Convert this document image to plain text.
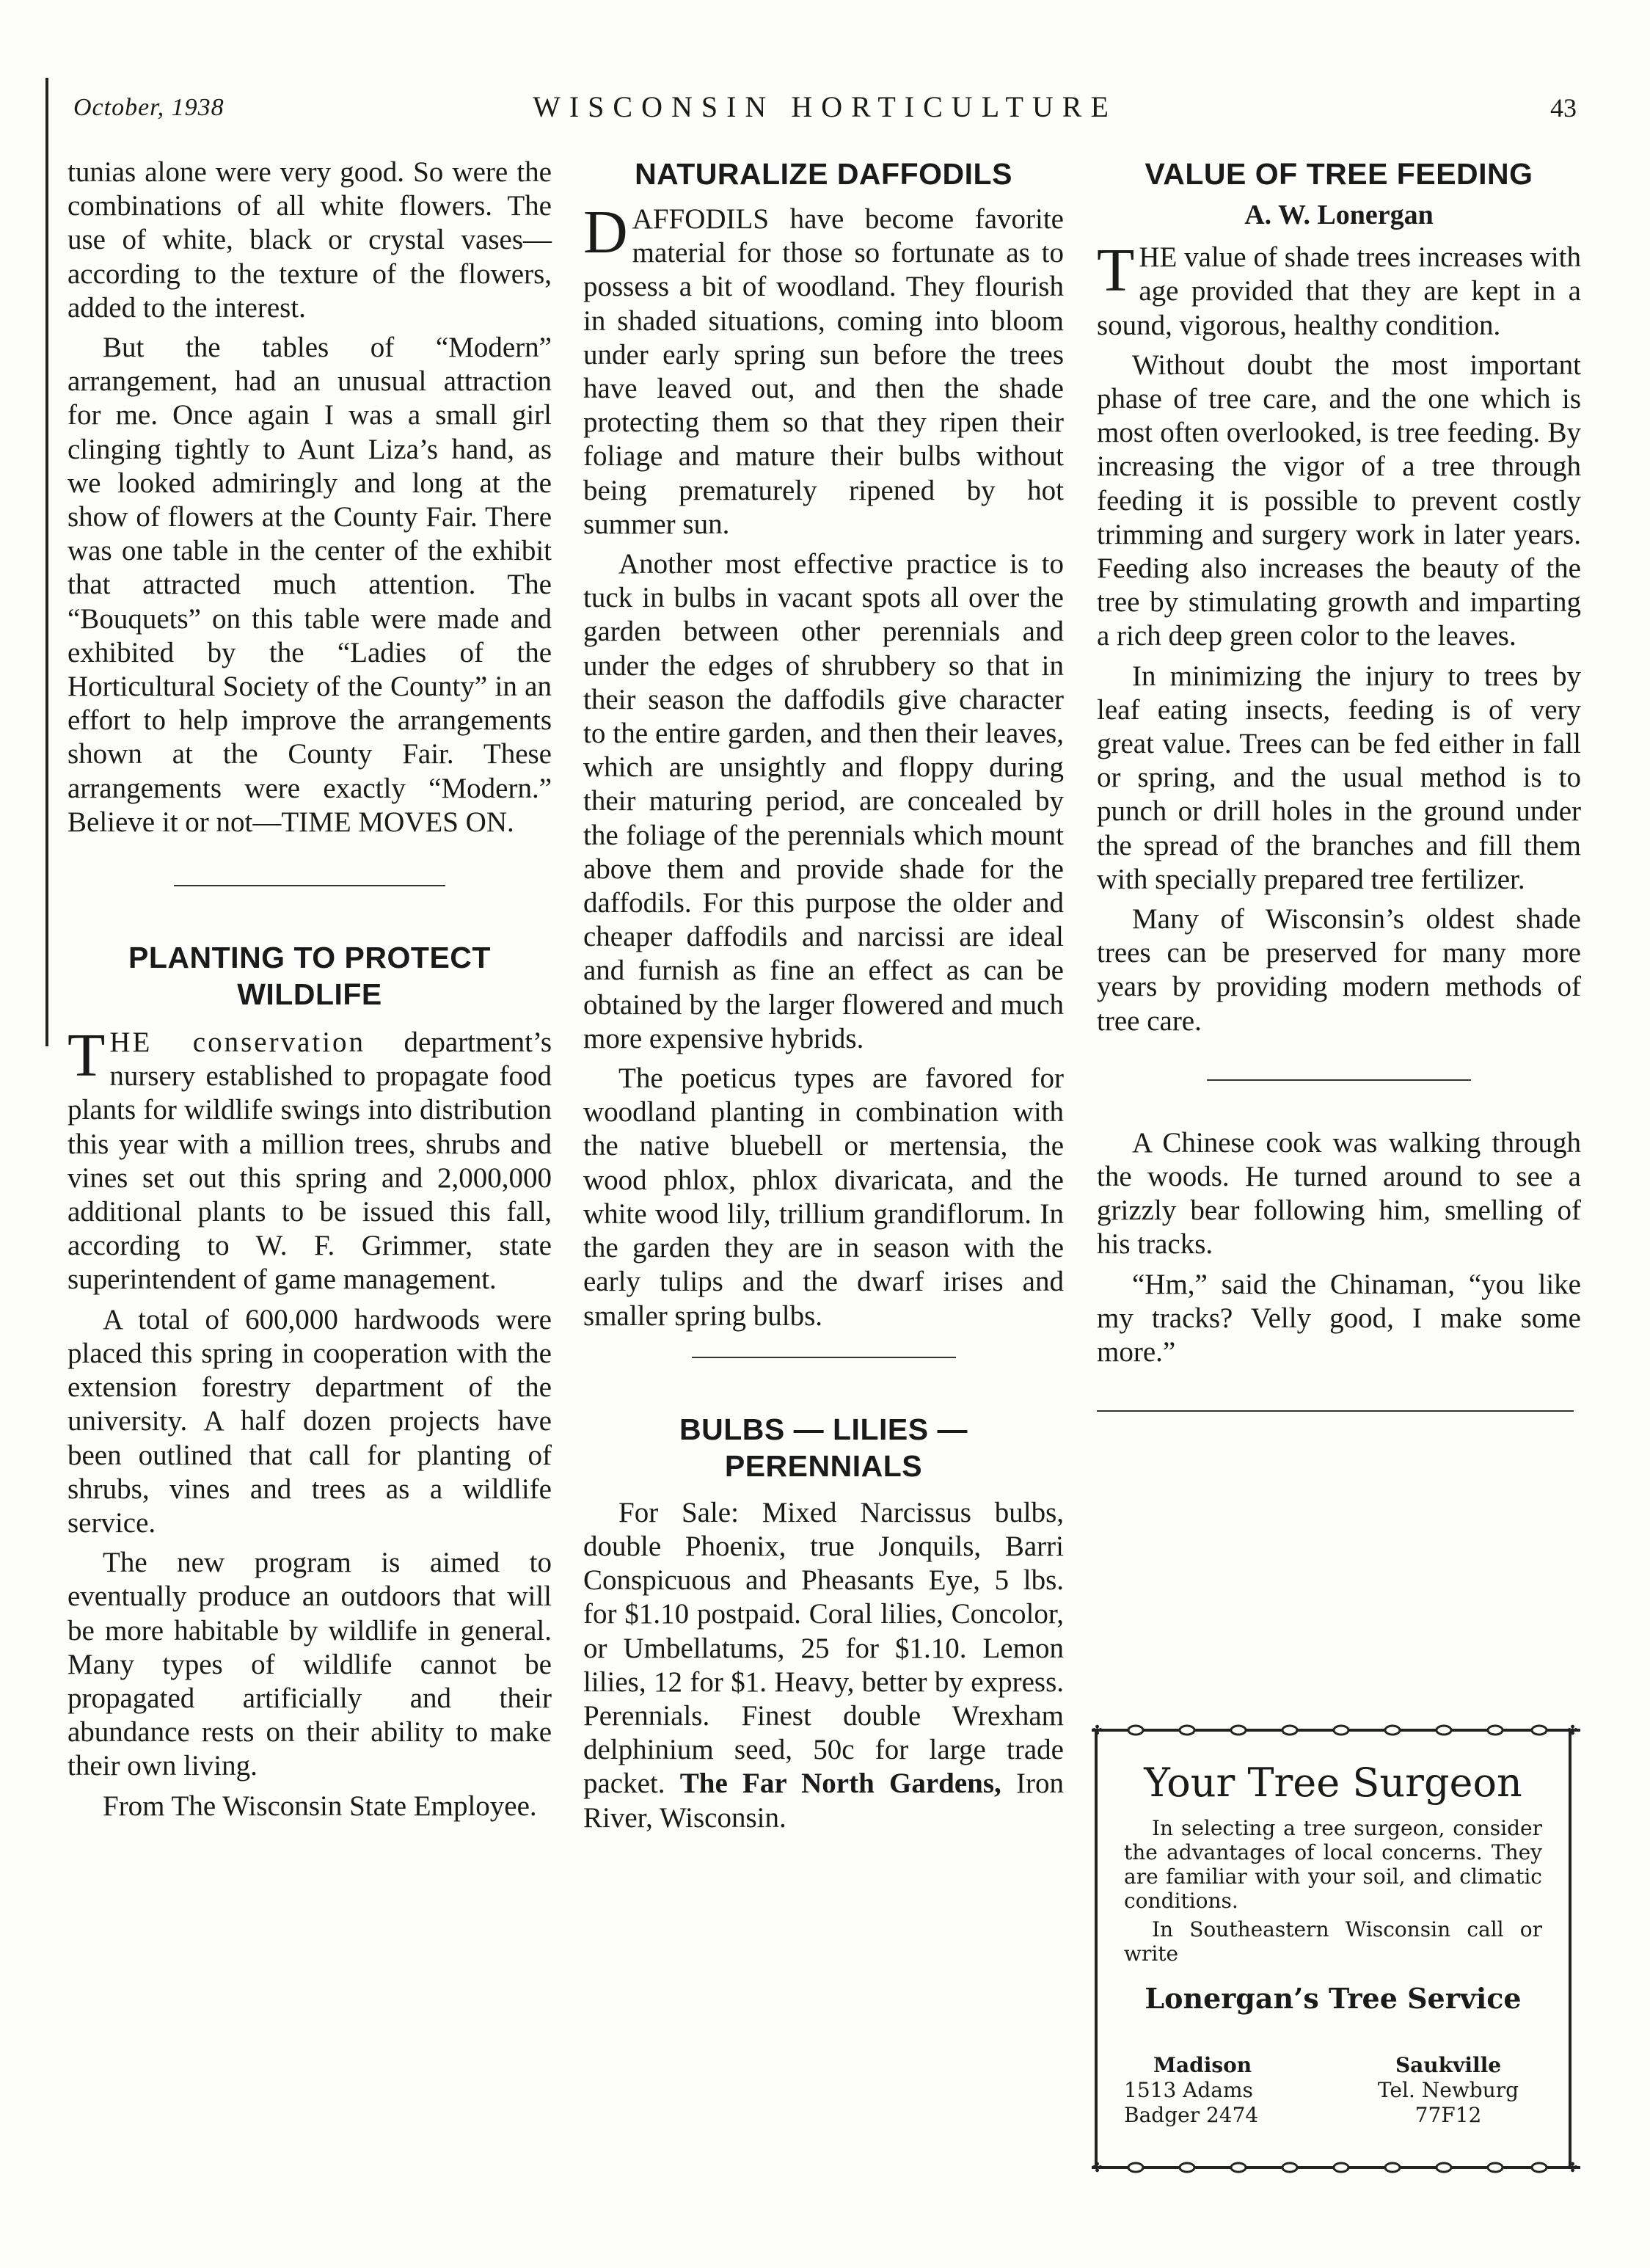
October, 1938	WISCONSIN HORTICULTURE	43

tunias alone were very good. So were the combinations of all white flowers. The use of white, black or crystal vases—according to the texture of the flowers, added to the interest.

But the tables of “Modern” arrangement, had an unusual attraction for me. Once again I was a small girl clinging tightly to Aunt Liza’s hand, as we looked admiringly and long at the show of flowers at the County Fair. There was one table in the center of the exhibit that attracted much attention. The “Bouquets” on this table were made and exhibited by the “Ladies of the Horticultural Society of the County” in an effort to help improve the arrangements shown at the County Fair. These arrangements were exactly “Modern.” Believe it or not—TIME MOVES ON.

PLANTING TO PROTECT WILDLIFE

THE conservation department’s nursery established to propagate food plants for wildlife swings into distribution this year with a million trees, shrubs and vines set out this spring and 2,000,000 additional plants to be issued this fall, according to W. F. Grimmer, state superintendent of game management.

A total of 600,000 hardwoods were placed this spring in cooperation with the extension forestry department of the university. A half dozen projects have been outlined that call for planting of shrubs, vines and trees as a wildlife service.

The new program is aimed to eventually produce an outdoors that will be more habitable by wildlife in general. Many types of wildlife cannot be propagated artificially and their abundance rests on their ability to make their own living.

From The Wisconsin State Employee.

NATURALIZE DAFFODILS

DAFFODILS have become favorite material for those so fortunate as to possess a bit of woodland. They flourish in shaded situations, coming into bloom under early spring sun before the trees have leaved out, and then the shade protecting them so that they ripen their foliage and mature their bulbs without being prematurely ripened by hot summer sun.

Another most effective practice is to tuck in bulbs in vacant spots all over the garden between other perennials and under the edges of shrubbery so that in their season the daffodils give character to the entire garden, and then their leaves, which are unsightly and floppy during their maturing period, are concealed by the foliage of the perennials which mount above them and provide shade for the daffodils. For this purpose the older and cheaper daffodils and narcissi are ideal and furnish as fine an effect as can be obtained by the larger flowered and much more expensive hybrids.

The poeticus types are favored for woodland planting in combination with the native bluebell or mertensia, the wood phlox, phlox divaricata, and the white wood lily, trillium grandiflorum. In the garden they are in season with the early tulips and the dwarf irises and smaller spring bulbs.

BULBS — LILIES — PERENNIALS

For Sale: Mixed Narcissus bulbs, double Phoenix, true Jonquils, Barri Conspicuous and Pheasants Eye, 5 lbs. for $1.10 postpaid. Coral lilies, Concolor, or Umbellatums, 25 for $1.10. Lemon lilies, 12 for $1. Heavy, better by express. Perennials. Finest double Wrexham delphinium seed, 50c for large trade packet. The Far North Gardens, Iron River, Wisconsin.

VALUE OF TREE FEEDING
A. W. Lonergan

THE value of shade trees increases with age provided that they are kept in a sound, vigorous, healthy condition.

Without doubt the most important phase of tree care, and the one which is most often overlooked, is tree feeding. By increasing the vigor of a tree through feeding it is possible to prevent costly trimming and surgery work in later years. Feeding also increases the beauty of the tree by stimulating growth and imparting a rich deep green color to the leaves.

In minimizing the injury to trees by leaf eating insects, feeding is of very great value. Trees can be fed either in fall or spring, and the usual method is to punch or drill holes in the ground under the spread of the branches and fill them with specially prepared tree fertilizer.

Many of Wisconsin’s oldest shade trees can be preserved for many more years by providing modern methods of tree care.

A Chinese cook was walking through the woods. He turned around to see a grizzly bear following him, smelling of his tracks.

“Hm,” said the Chinaman, “you like my tracks? Velly good, I make some more.”

✤	✤
Your Tree Surgeon

In selecting a tree surgeon, consider the advantages of local concerns. They are familiar with your soil, and climatic conditions.

In Southeastern Wisconsin call or write

Lonergan’s Tree Service
Madison
1513 Adams
Badger 2474
Saukville
Tel. Newburg
77F12
✤	✤
